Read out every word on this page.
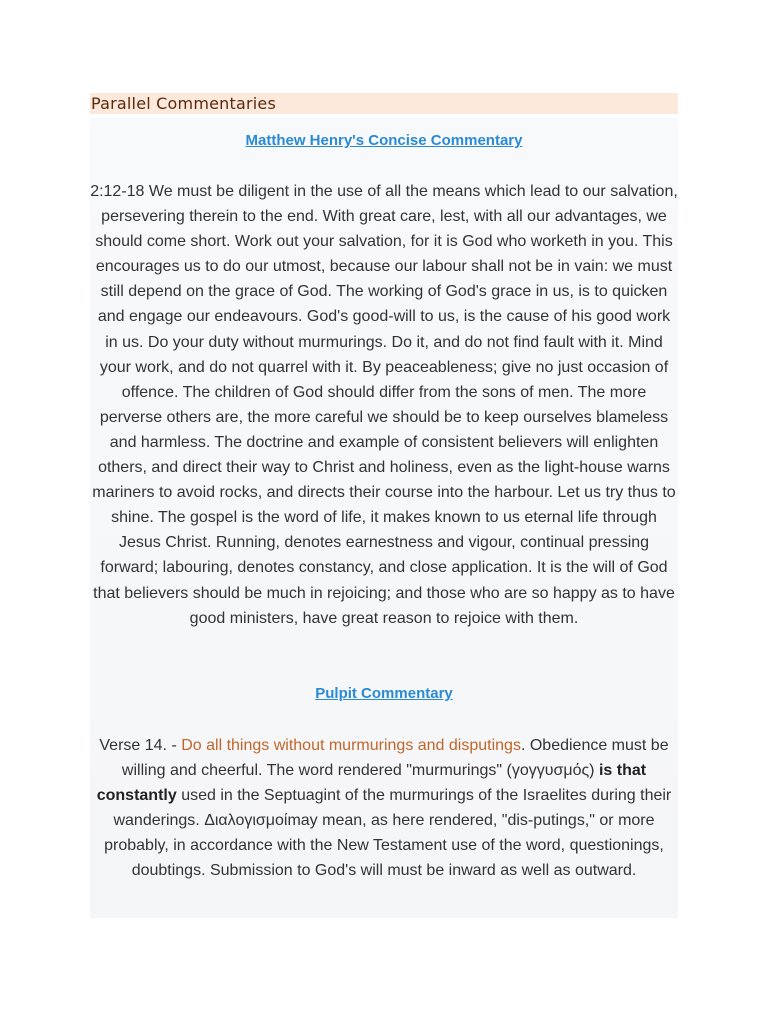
Parallel Commentaries
Matthew Henry's Concise Commentary

2:12-18 We must be diligent in the use of all the means which lead to our salvation, persevering therein to the end. With great care, lest, with all our advantages, we should come short. Work out your salvation, for it is God who worketh in you. This encourages us to do our utmost, because our labour shall not be in vain: we must still depend on the grace of God. The working of God's grace in us, is to quicken and engage our endeavours. God's good-will to us, is the cause of his good work in us. Do your duty without murmurings. Do it, and do not find fault with it. Mind your work, and do not quarrel with it. By peaceableness; give no just occasion of offence. The children of God should differ from the sons of men. The more perverse others are, the more careful we should be to keep ourselves blameless and harmless. The doctrine and example of consistent believers will enlighten others, and direct their way to Christ and holiness, even as the light-house warns mariners to avoid rocks, and directs their course into the harbour. Let us try thus to shine. The gospel is the word of life, it makes known to us eternal life through Jesus Christ. Running, denotes earnestness and vigour, continual pressing forward; labouring, denotes constancy, and close application. It is the will of God that believers should be much in rejoicing; and those who are so happy as to have good ministers, have great reason to rejoice with them.

Pulpit Commentary

Verse 14. - Do all things without murmurings and disputings. Obedience must be willing and cheerful. The word rendered "murmurings" (γογγυσμός) is that constantly used in the Septuagint of the murmurings of the Israelites during their wanderings. Διαλογισμοίmay mean, as here rendered, "dis-putings," or more probably, in accordance with the New Testament use of the word, questionings, doubtings. Submission to God's will must be inward as well as outward.
